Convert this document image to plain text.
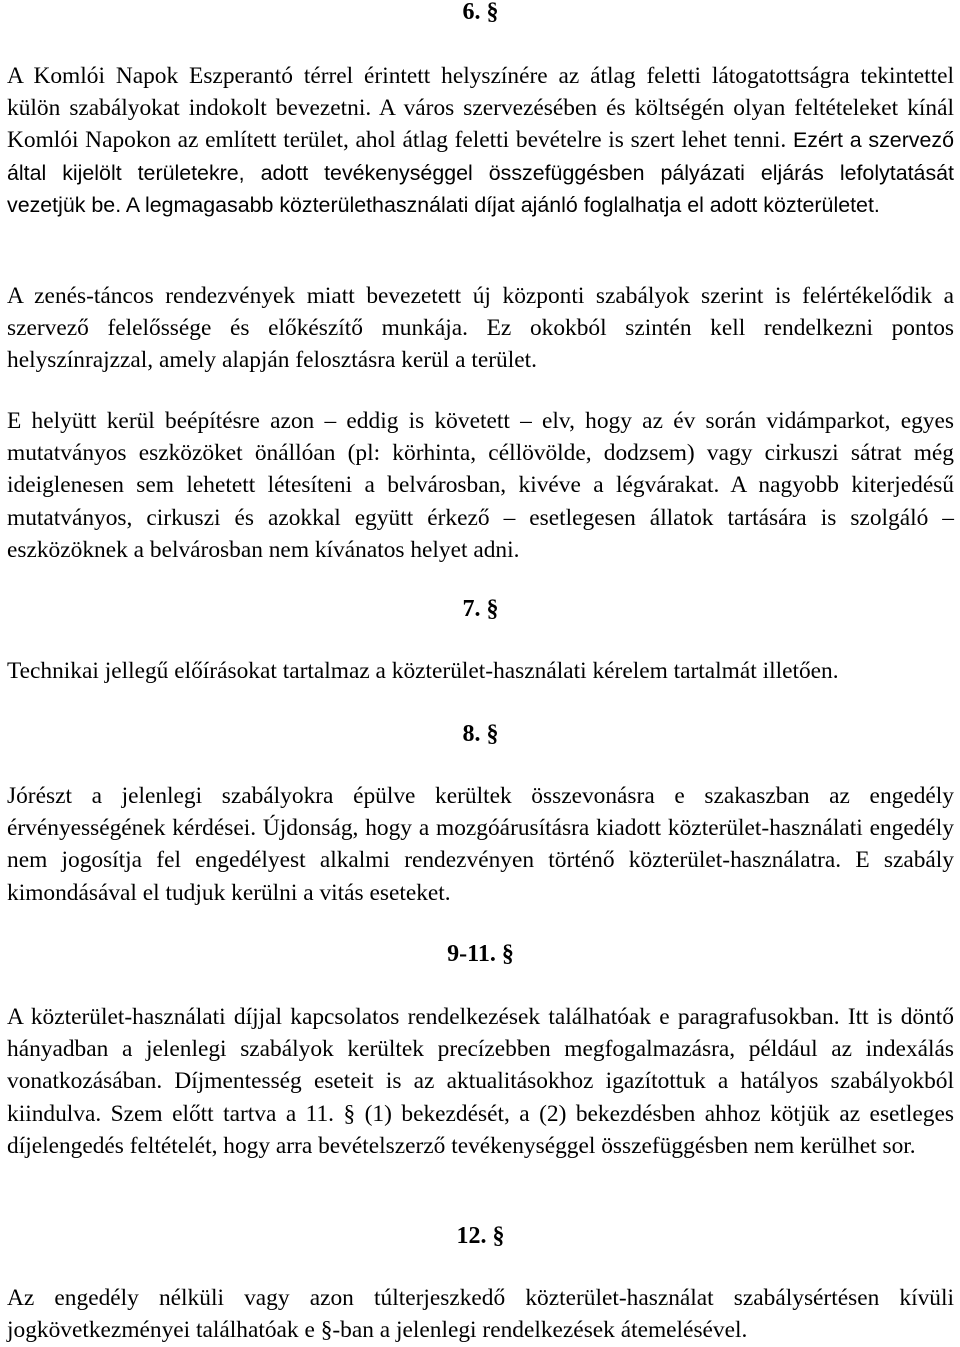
6. §

A Komlói Napok Eszperantó térrel érintett helyszínére az átlag feletti látogatottságra tekintettel külön szabályokat indokolt bevezetni. A város szervezésében és költségén olyan feltételeket kínál Komlói Napokon az említett terület, ahol átlag feletti bevételre is szert lehet tenni. Ezért a szervező által kijelölt területekre, adott tevékenységgel összefüggésben pályázati eljárás lefolytatását vezetjük be. A legmagasabb közterülethasználati díjat ajánló foglalhatja el adott közterületet.

A zenés-táncos rendezvények miatt bevezetett új központi szabályok szerint is felértékelődik a szervező felelőssége és előkészítő munkája. Ez okokból szintén kell rendelkezni pontos helyszínrajzzal, amely alapján felosztásra kerül a terület.

E helyütt kerül beépítésre azon – eddig is követett – elv, hogy az év során vidámparkot, egyes mutatványos eszközöket önállóan (pl: körhinta, céllövölde, dodzsem) vagy cirkuszi sátrat még ideiglenesen sem lehetett létesíteni a belvárosban, kivéve a légvárakat. A nagyobb kiterjedésű mutatványos, cirkuszi és azokkal együtt érkező – esetlegesen állatok tartására is szolgáló – eszközöknek a belvárosban nem kívánatos helyet adni.

7. §

Technikai jellegű előírásokat tartalmaz a közterület-használati kérelem tartalmát illetően.

8. §

Jórészt a jelenlegi szabályokra épülve kerültek összevonásra e szakaszban az engedély érvényességének kérdései. Újdonság, hogy a mozgóárusításra kiadott közterület-használati engedély nem jogosítja fel engedélyest alkalmi rendezvényen történő közterület-használatra. E szabály kimondásával el tudjuk kerülni a vitás eseteket.

9-11. §

A közterület-használati díjjal kapcsolatos rendelkezések találhatóak e paragrafusokban. Itt is döntő hányadban a jelenlegi szabályok kerültek precízebben megfogalmazásra, például az indexálás vonatkozásában. Díjmentesség eseteit is az aktualitásokhoz igazítottuk a hatályos szabályokból kiindulva. Szem előtt tartva a 11. § (1) bekezdését, a (2) bekezdésben ahhoz kötjük az esetleges díjelengedés feltételét, hogy arra bevételszerző tevékenységgel összefüggésben nem kerülhet sor.

12. §

Az engedély nélküli vagy azon túlterjeszkedő közterület-használat szabálysértésen kívüli jogkövetkezményei találhatóak e §-ban a jelenlegi rendelkezések átemelésével.
